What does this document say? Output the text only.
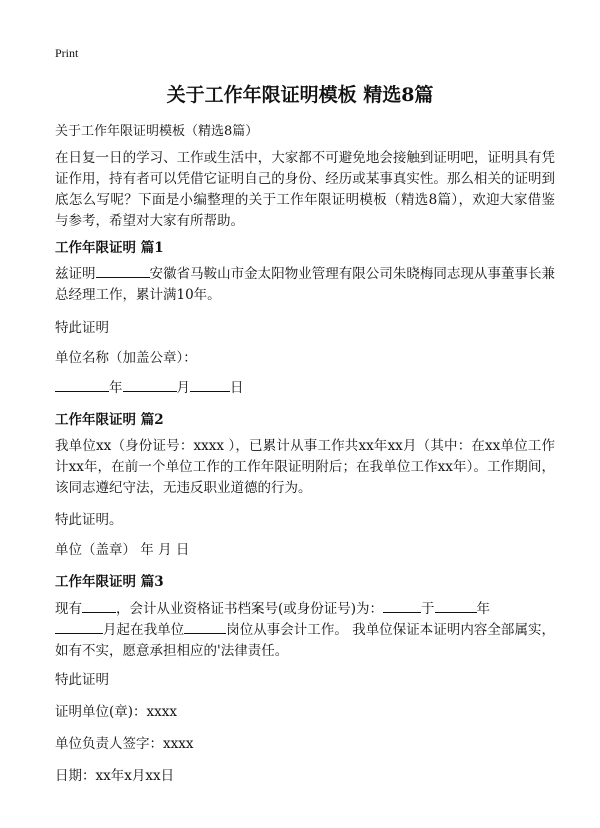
Print
关于工作年限证明模板 精选8篇
关于工作年限证明模板（精选8篇）
在日复一日的学习、工作或生活中，大家都不可避免地会接触到证明吧，证明具有凭证作用，持有者可以凭借它证明自己的身份、经历或某事真实性。那么相关的证明到底怎么写呢？下面是小编整理的关于工作年限证明模板（精选8篇），欢迎大家借鉴与参考，希望对大家有所帮助。
工作年限证明 篇1
兹证明	安徽省马鞍山市金太阳物业管理有限公司朱晓梅同志现从事董事长兼总经理工作，累计满10年。
特此证明
单位名称（加盖公章）：
年	月	日
工作年限证明 篇2
我单位xx（身份证号：xxxx ），已累计从事工作共xx年xx月（其中：在xx单位工作计xx年，在前一个单位工作的工作年限证明附后；在我单位工作xx年）。工作期间，该同志遵纪守法，无违反职业道德的行为。
特此证明。
单位（盖章） 年 月 日
工作年限证明 篇3
现有	，会计从业资格证书档案号(或身份证号)为：	于	年
月起在我单位	岗位从事会计工作。 我单位保证本证明内容全部属实，如有不实，愿意承担相应的'法律责任。
特此证明
证明单位(章)：xxxx
单位负责人签字：xxxx
日期：xx年x月xx日
